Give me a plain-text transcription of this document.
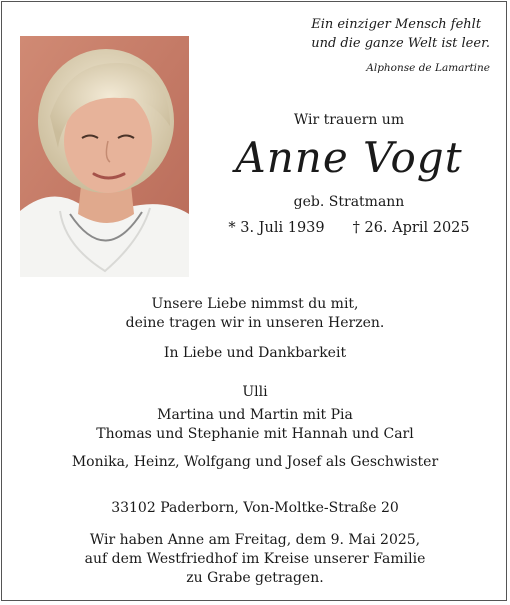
Ein einziger Mensch fehlt
und die ganze Welt ist leer.
Alphonse de Lamartine
Wir trauern um
Anne Vogt
geb. Stratmann
* 3. Juli 1939 † 26. April 2025
Unsere Liebe nimmst du mit,
deine tragen wir in unseren Herzen.
In Liebe und Dankbarkeit
Ulli
Martina und Martin mit Pia
Thomas und Stephanie mit Hannah und Carl
Monika, Heinz, Wolfgang und Josef als Geschwister
33102 Paderborn, Von-Moltke-Straße 20
Wir haben Anne am Freitag, dem 9. Mai 2025,
auf dem Westfriedhof im Kreise unserer Familie
zu Grabe getragen.
